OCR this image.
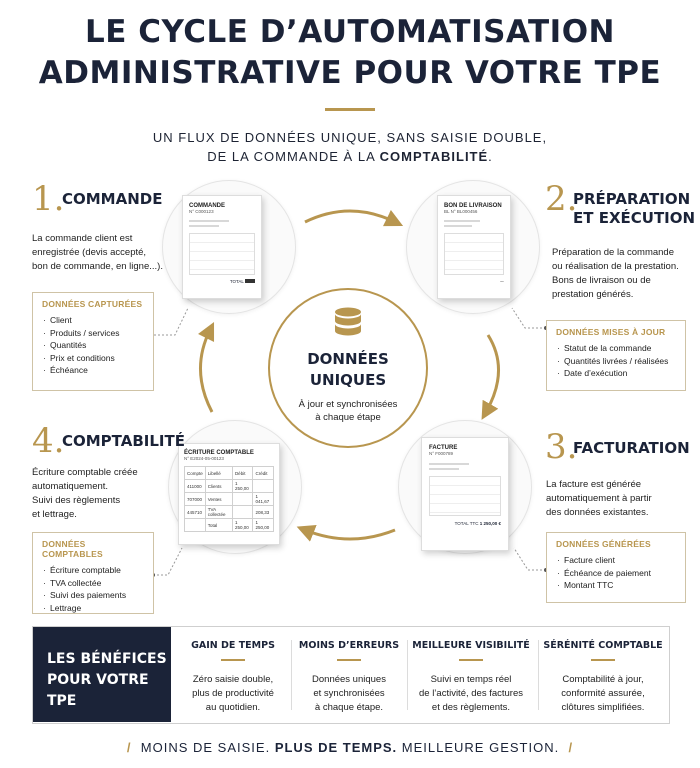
LE CYCLE D’AUTOMATISATION
ADMINISTRATIVE POUR VOTRE TPE
UN FLUX DE DONNÉES UNIQUE, SANS SAISIE DOUBLE,
DE LA COMMANDE À LA COMPTABILITÉ.
COMMANDE
N° C000123
TOTAL
BON DE LIVRAISON
BL N° BL000456
~
FACTURE
N° F000789
TOTAL TTC 1 250,00 €
ÉCRITURE COMPTABLE
N° E2024-05-00123
Compte	Libellé	Débit	Crédit
411000	Clients	1 250,00	
707000	Ventes		1 041,67
445710	TVA collectée		208,33
	Total	1 250,00	1 250,00
DONNÉES
UNIQUES
À jour et synchronisées
à chaque étape
1.
COMMANDE
La commande client est
enregistrée (devis accepté,
bon de commande, en ligne...).
DONNÉES CAPTURÉES
· Client
· Produits / services
· Quantités
· Prix et conditions
· Échéance
2.
PRÉPARATION
ET EXÉCUTION
Préparation de la commande
ou réalisation de la prestation.
Bons de livraison ou de
prestation générés.
DONNÉES MISES À JOUR
· Statut de la commande
· Quantités livrées / réalisées
· Date d’exécution
3.
FACTURATION
La facture est générée
automatiquement à partir
des données existantes.
DONNÉES GÉNÉRÉES
· Facture client
· Échéance de paiement
· Montant TTC
4.
COMPTABILITÉ
Écriture comptable créée
automatiquement.
Suivi des règlements
et lettrage.
DONNÉES COMPTABLES
· Écriture comptable
· TVA collectée
· Suivi des paiements
· Lettrage
LES BÉNÉFICES
POUR VOTRE TPE
GAIN DE TEMPS
Zéro saisie double,
plus de productivité
au quotidien.
MOINS D’ERREURS
Données uniques
et synchronisées
à chaque étape.
MEILLEURE VISIBILITÉ
Suivi en temps réel
de l’activité, des factures
et des règlements.
SÉRÉNITÉ COMPTABLE
Comptabilité à jour,
conformité assurée,
clôtures simplifiées.
/ MOINS DE SAISIE. PLUS DE TEMPS. MEILLEURE GESTION. /
